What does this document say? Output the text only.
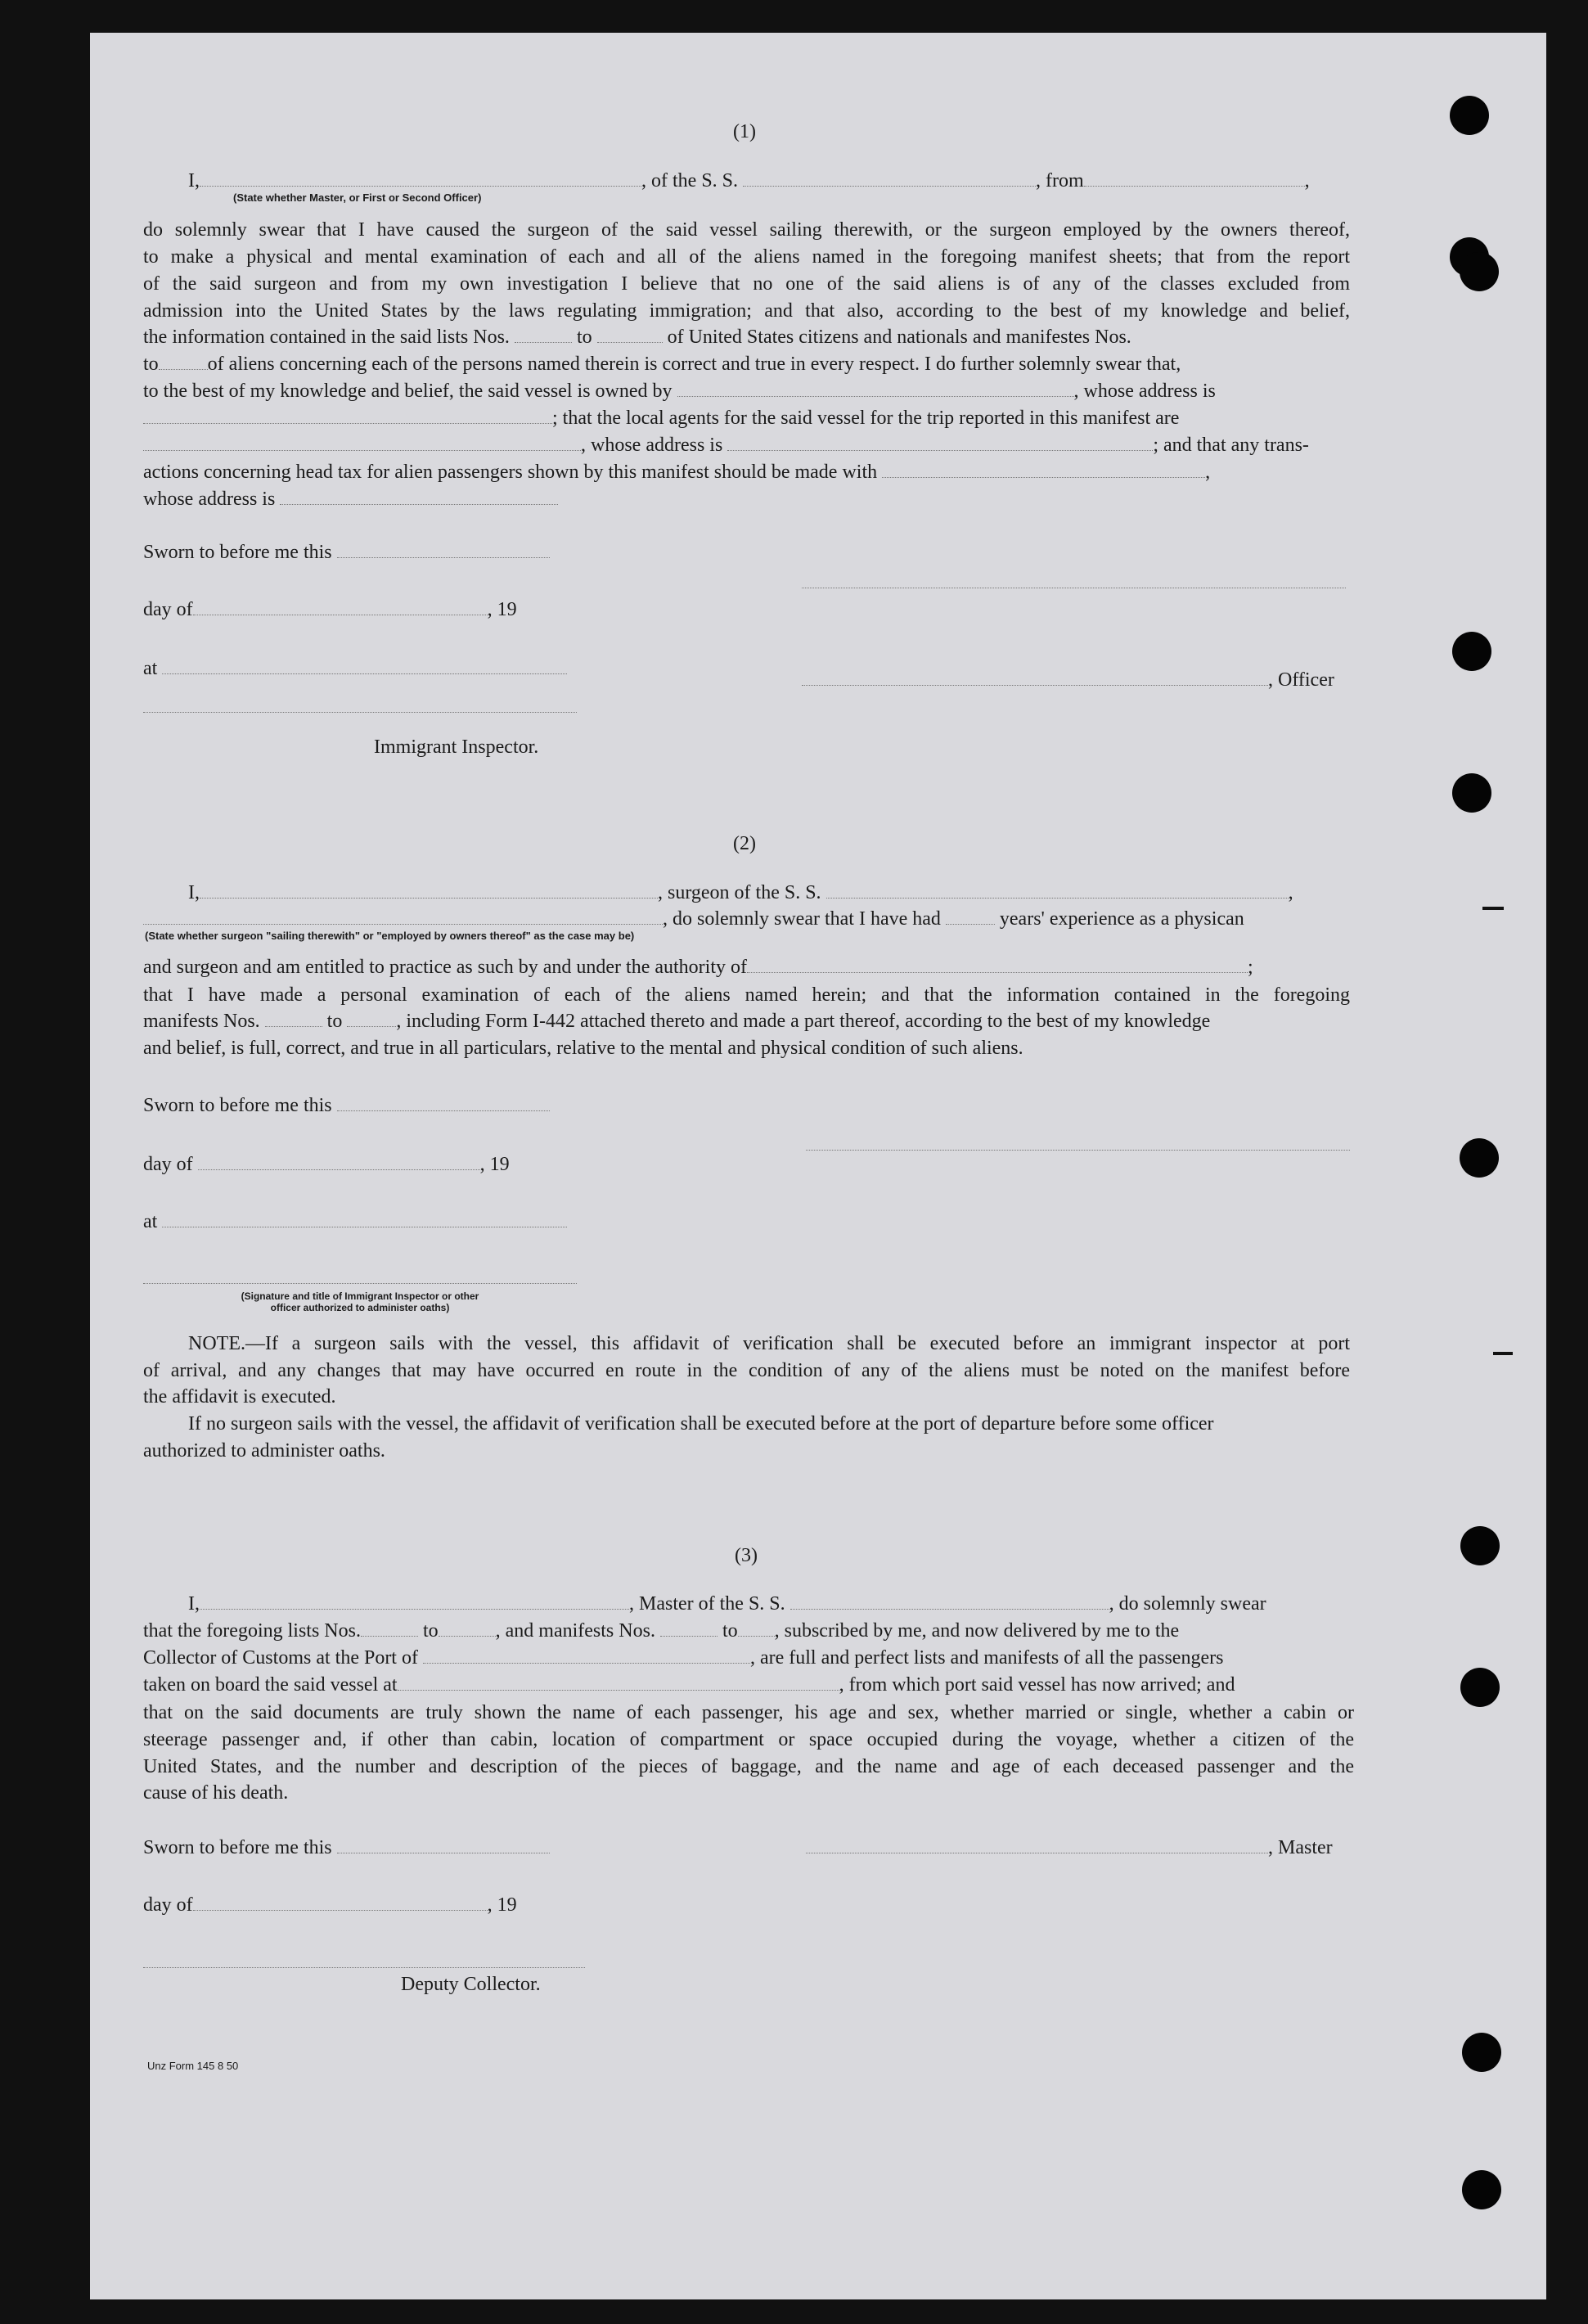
(1)
I,	, of the S. S.	, from	,
(State whether Master, or First or Second Officer)
do solemnly swear that I have caused the surgeon of the said vessel sailing therewith, or the surgeon employed by the owners thereof,
to make a physical and mental examination of each and all of the aliens named in the foregoing manifest sheets; that from the report
of the said surgeon and from my own investigation I believe that no one of the said aliens is of any of the classes excluded from
admission into the United States by the laws regulating immigration; and that also, according to the best of my knowledge and belief,
the information contained in the said lists Nos.	to	of United States citizens and nationals and manifestes Nos.
to	of aliens concerning each of the persons named therein is correct and true in every respect. I do further solemnly swear that,
to the best of my knowledge and belief, the said vessel is owned by	, whose address is
; that the local agents for the said vessel for the trip reported in this manifest are
, whose address is	; and that any trans-
actions concerning head tax for alien passengers shown by this manifest should be made with	,
whose address is
Sworn to before me this
day of	, 19
at
, Officer
Immigrant Inspector.
(2)
I,	, surgeon of the S. S.	,
, do solemnly swear that I have had	years' experience as a physican
(State whether surgeon "sailing therewith" or "employed by owners thereof" as the case may be)
and surgeon and am entitled to practice as such by and under the authority of	;
that I have made a personal examination of each of the aliens named herein; and that the information contained in the foregoing
manifests Nos.	to	, including Form I-442 attached thereto and made a part thereof, according to the best of my knowledge
and belief, is full, correct, and true in all particulars, relative to the mental and physical condition of such aliens.
Sworn to before me this
day of	, 19
at
(Signature and title of Immigrant Inspector or other
officer authorized to administer oaths)
NOTE.—If a surgeon sails with the vessel, this affidavit of verification shall be executed before an immigrant inspector at port
of arrival, and any changes that may have occurred en route in the condition of any of the aliens must be noted on the manifest before
the affidavit is executed.
If no surgeon sails with the vessel, the affidavit of verification shall be executed before at the port of departure before some officer
authorized to administer oaths.
(3)
I,	, Master of the S. S.	, do solemnly swear
that the foregoing lists Nos.	to	, and manifests Nos.	to , subscribed by me, and now delivered by me to the
Collector of Customs at the Port of	, are full and perfect lists and manifests of all the passengers
taken on board the said vessel at	, from which port said vessel has now arrived; and
that on the said documents are truly shown the name of each passenger, his age and sex, whether married or single, whether a cabin or
steerage passenger and, if other than cabin, location of compartment or space occupied during the voyage, whether a citizen of the
United States, and the number and description of the pieces of baggage, and the name and age of each deceased passenger and the
cause of his death.
Sworn to before me this	, Master
day of	, 19
Deputy Collector.
Unz Form 145 8 50
